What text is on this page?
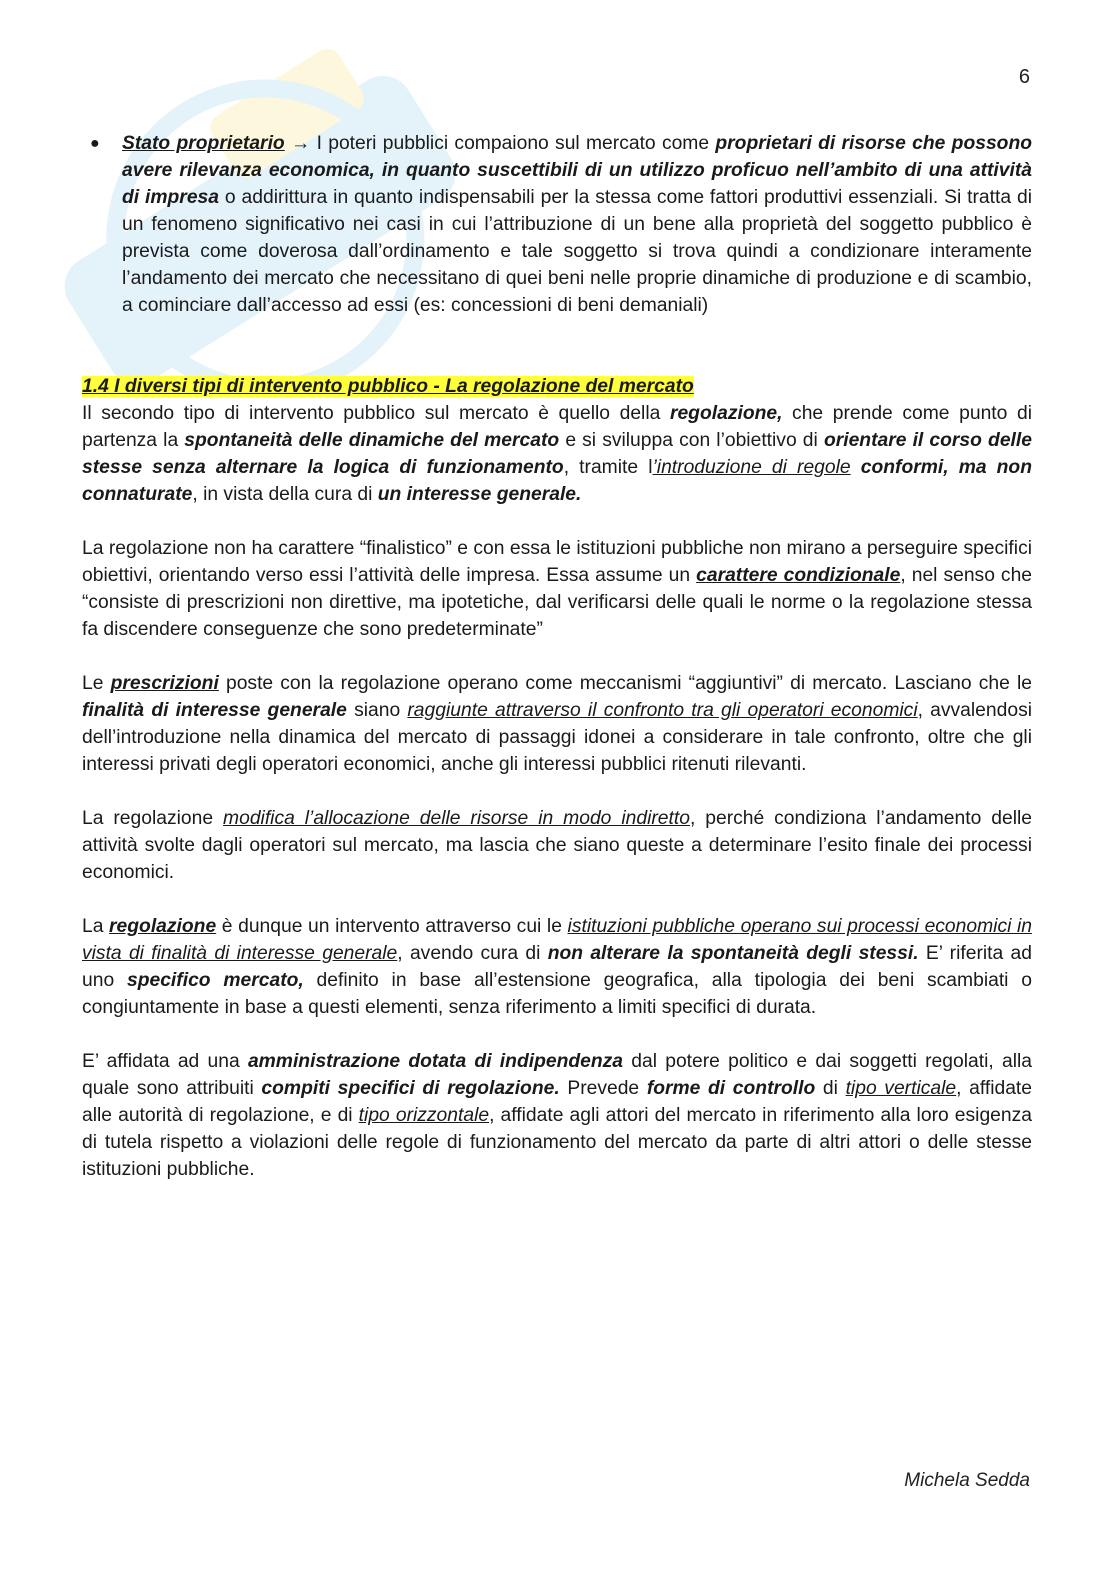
6
●	Stato proprietario → I poteri pubblici compaiono sul mercato come proprietari di risorse che possono avere rilevanza economica, in quanto suscettibili di un utilizzo proficuo nell’ambito di una attività di impresa o addirittura in quanto indispensabili per la stessa come fattori produttivi essenziali. Si tratta di un fenomeno significativo nei casi in cui l’attribuzione di un bene alla proprietà del soggetto pubblico è prevista come doverosa dall’ordinamento e tale soggetto si trova quindi a condizionare interamente l’andamento dei mercato che necessitano di quei beni nelle proprie dinamiche di produzione e di scambio, a cominciare dall’accesso ad essi (es: concessioni di beni demaniali)

1.4 I diversi tipi di intervento pubblico - La regolazione del mercato

Il secondo tipo di intervento pubblico sul mercato è quello della regolazione, che prende come punto di partenza la spontaneità delle dinamiche del mercato e si sviluppa con l’obiettivo di orientare il corso delle stesse senza alternare la logica di funzionamento, tramite l’introduzione di regole conformi, ma non connaturate, in vista della cura di un interesse generale.

La regolazione non ha carattere “finalistico” e con essa le istituzioni pubbliche non mirano a perseguire specifici obiettivi, orientando verso essi l’attività delle impresa. Essa assume un carattere condizionale, nel senso che “consiste di prescrizioni non direttive, ma ipotetiche, dal verificarsi delle quali le norme o la regolazione stessa fa discendere conseguenze che sono predeterminate”

Le prescrizioni poste con la regolazione operano come meccanismi “aggiuntivi” di mercato. Lasciano che le finalità di interesse generale siano raggiunte attraverso il confronto tra gli operatori economici, avvalendosi dell’introduzione nella dinamica del mercato di passaggi idonei a considerare in tale confronto, oltre che gli interessi privati degli operatori economici, anche gli interessi pubblici ritenuti rilevanti.

La regolazione modifica l’allocazione delle risorse in modo indiretto, perché condiziona l’andamento delle attività svolte dagli operatori sul mercato, ma lascia che siano queste a determinare l’esito finale dei processi economici.

La regolazione è dunque un intervento attraverso cui le istituzioni pubbliche operano sui processi economici in vista di finalità di interesse generale, avendo cura di non alterare la spontaneità degli stessi. E’ riferita ad uno specifico mercato, definito in base all’estensione geografica, alla tipologia dei beni scambiati o congiuntamente in base a questi elementi, senza riferimento a limiti specifici di durata.

E’ affidata ad una amministrazione dotata di indipendenza dal potere politico e dai soggetti regolati, alla quale sono attribuiti compiti specifici di regolazione. Prevede forme di controllo di tipo verticale, affidate alle autorità di regolazione, e di tipo orizzontale, affidate agli attori del mercato in riferimento alla loro esigenza di tutela rispetto a violazioni delle regole di funzionamento del mercato da parte di altri attori o delle stesse istituzioni pubbliche.

Michela Sedda
